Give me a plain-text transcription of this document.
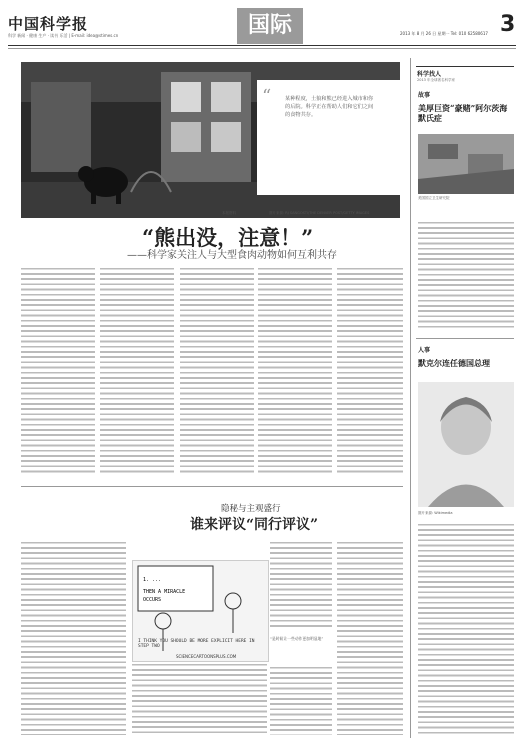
中国科学报
科学 新闻 · 健康 生产 · 读书 乐活 | E-mail: ​idea@stimes.cn	国际	2013 年 8 月 26 日 星期一 Tel: 010 62580617 3
“	某种程度，土狼和熊已经进入城市和你的后院。科学正在帮助人们和它们之间的食物共存。
本报资料	图片来源: RJ SANGOSTI/THE DENVER POST/GETTY IMAGES
“熊出没，注意！”
——科学家关注人与大型食肉动物如何互利共存
隐秘与主观盛行
谁来评议“同行评议”
1. ...
THEN A MIRACLE
OCCURS
I THINK YOU SHOULD BE MORE EXPLICIT HERE IN STEP TWO
SCIENCECARTOONSPLUS.COM
“是时候让一些动作更加明显地”
科学找人
2013 年全球著名科学家
故事
美厚巨资“豪赌”阿尔茨海默氏症
美国国立卫生研究院
人事
默克尔连任德国总理
图片来源: Wikimedia
